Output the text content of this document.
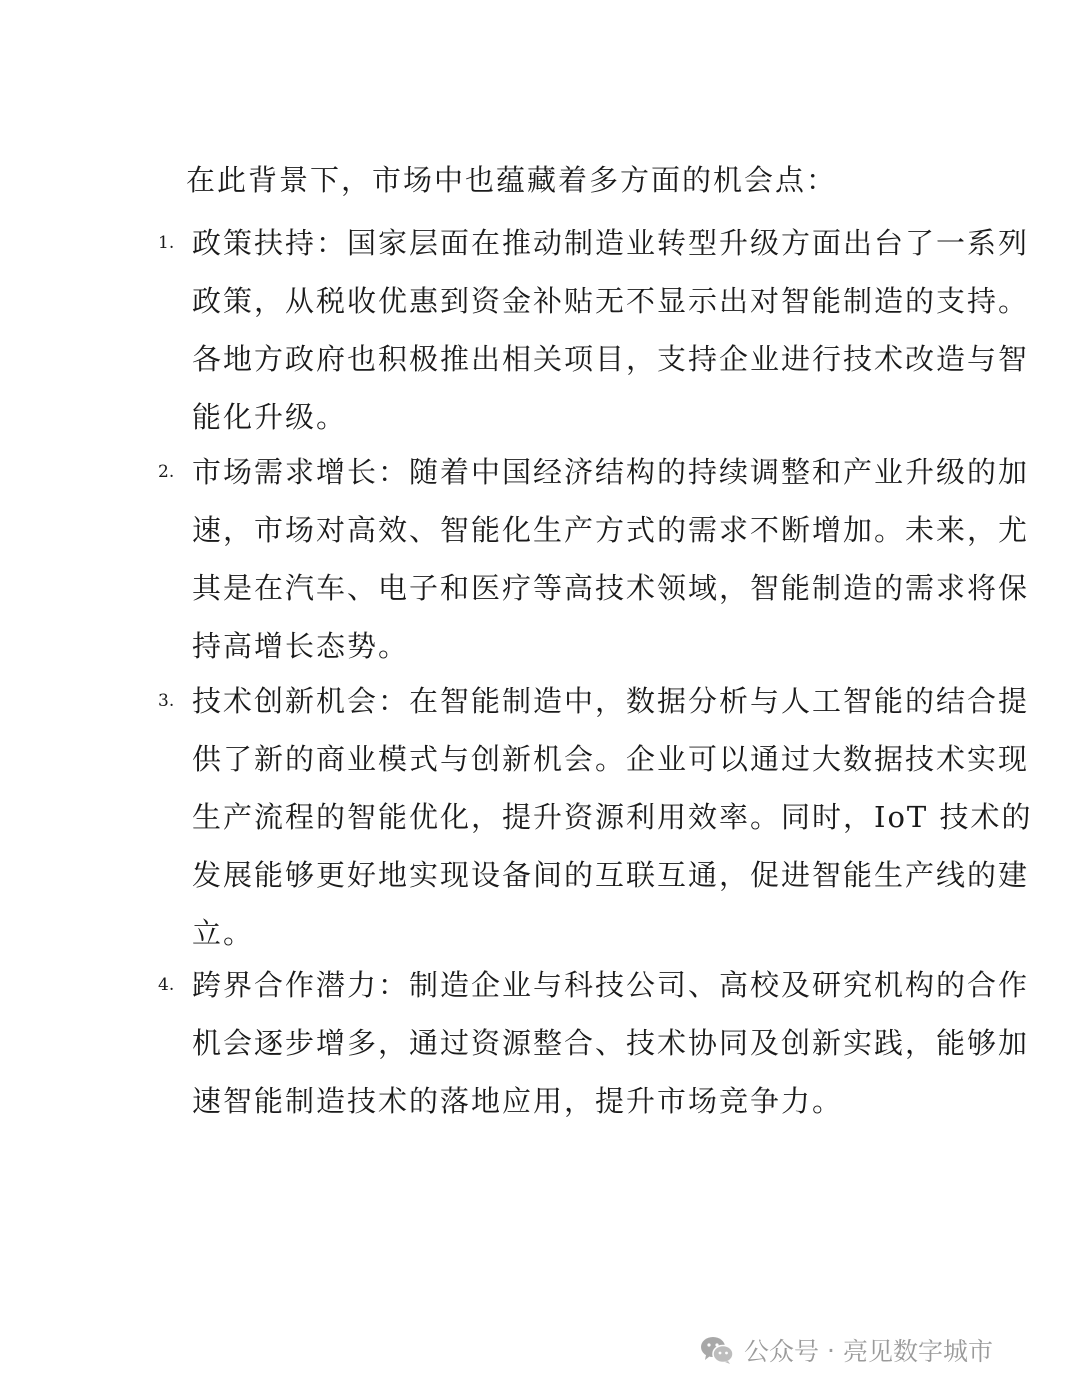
在此背景下，市场中也蕴藏着多方面的机会点：
1. 政策扶持：国家层面在推动制造业转型升级方面出台了一系列
政策，从税收优惠到资金补贴无不显示出对智能制造的支持。
各地方政府也积极推出相关项目，支持企业进行技术改造与智
能化升级。
2. 市场需求增长：随着中国经济结构的持续调整和产业升级的加
速，市场对高效、智能化生产方式的需求不断增加。未来，尤
其是在汽车、电子和医疗等高技术领域，智能制造的需求将保
持高增长态势。
3. 技术创新机会：在智能制造中，数据分析与人工智能的结合提
供了新的商业模式与创新机会。企业可以通过大数据技术实现
生产流程的智能优化，提升资源利用效率。同时，IoT 技术的
发展能够更好地实现设备间的互联互通，促进智能生产线的建
立。
4. 跨界合作潜力：制造企业与科技公司、高校及研究机构的合作
机会逐步增多，通过资源整合、技术协同及创新实践，能够加
速智能制造技术的落地应用，提升市场竞争力。
公众号 · 亮见数字城市
